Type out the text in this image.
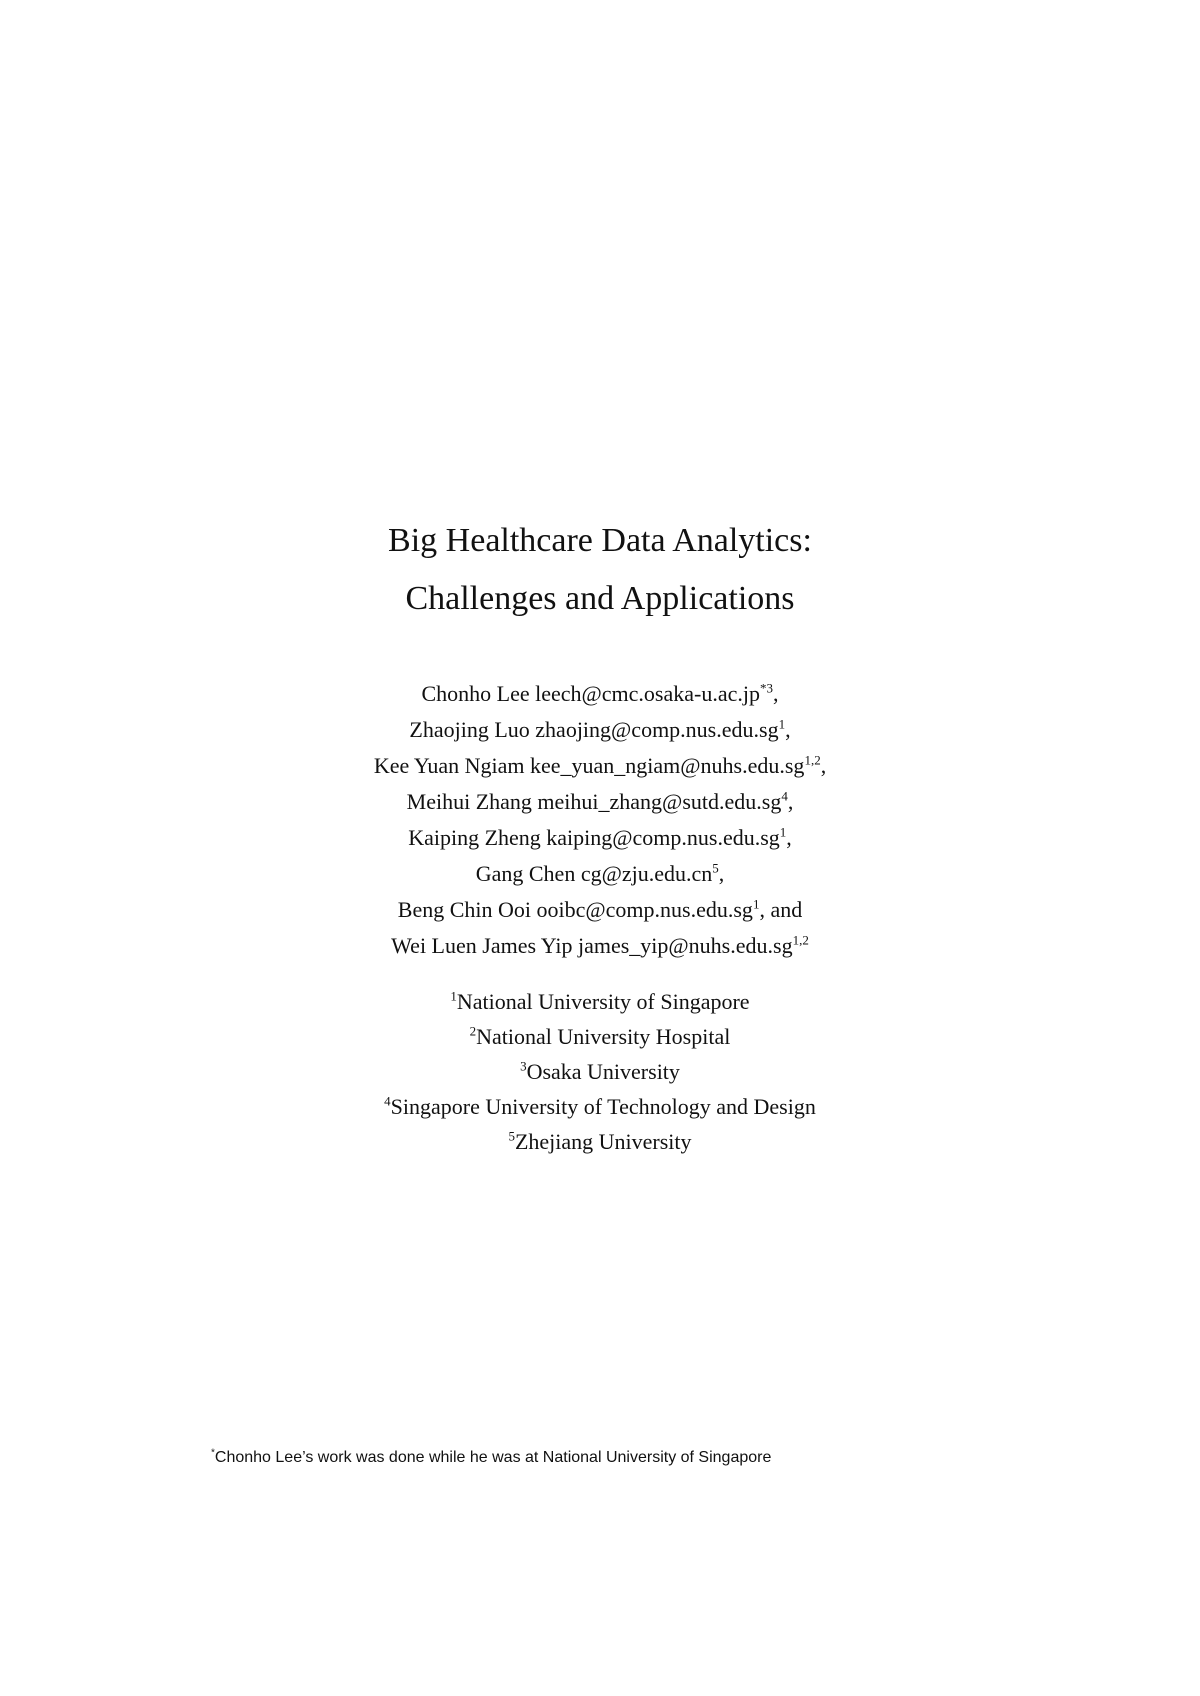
Big Healthcare Data Analytics:
Challenges and Applications
Chonho Lee $leech@cmc.osaka-u.ac.jp^{*3}$,
Zhaojing Luo $zhaojing@comp.nus.edu.sg^1$,
Kee Yuan Ngiam kee_yuan_ngiam@nuhs.edu.sg$^{1,2}$,
Meihui Zhang $meihui\_zhang@sutd.edu.sg^4$,
Kaiping Zheng $kaiping@comp.nus.edu.sg^1$,
Gang Chen $cg@zju.edu.cn^5$,
Beng Chin Ooi $ooibc@comp.nus.edu.sg^1$, and
Wei Luen James Yip james_yip@nuhs.edu.sg$^{1,2}$
$^1$National University of Singapore
$^2$National University Hospital
$^3$Osaka University
$^4$Singapore University of Technology and Design
$^5$Zhejiang University
*Chonho Lee’s work was done while he was at National University of Singapore
